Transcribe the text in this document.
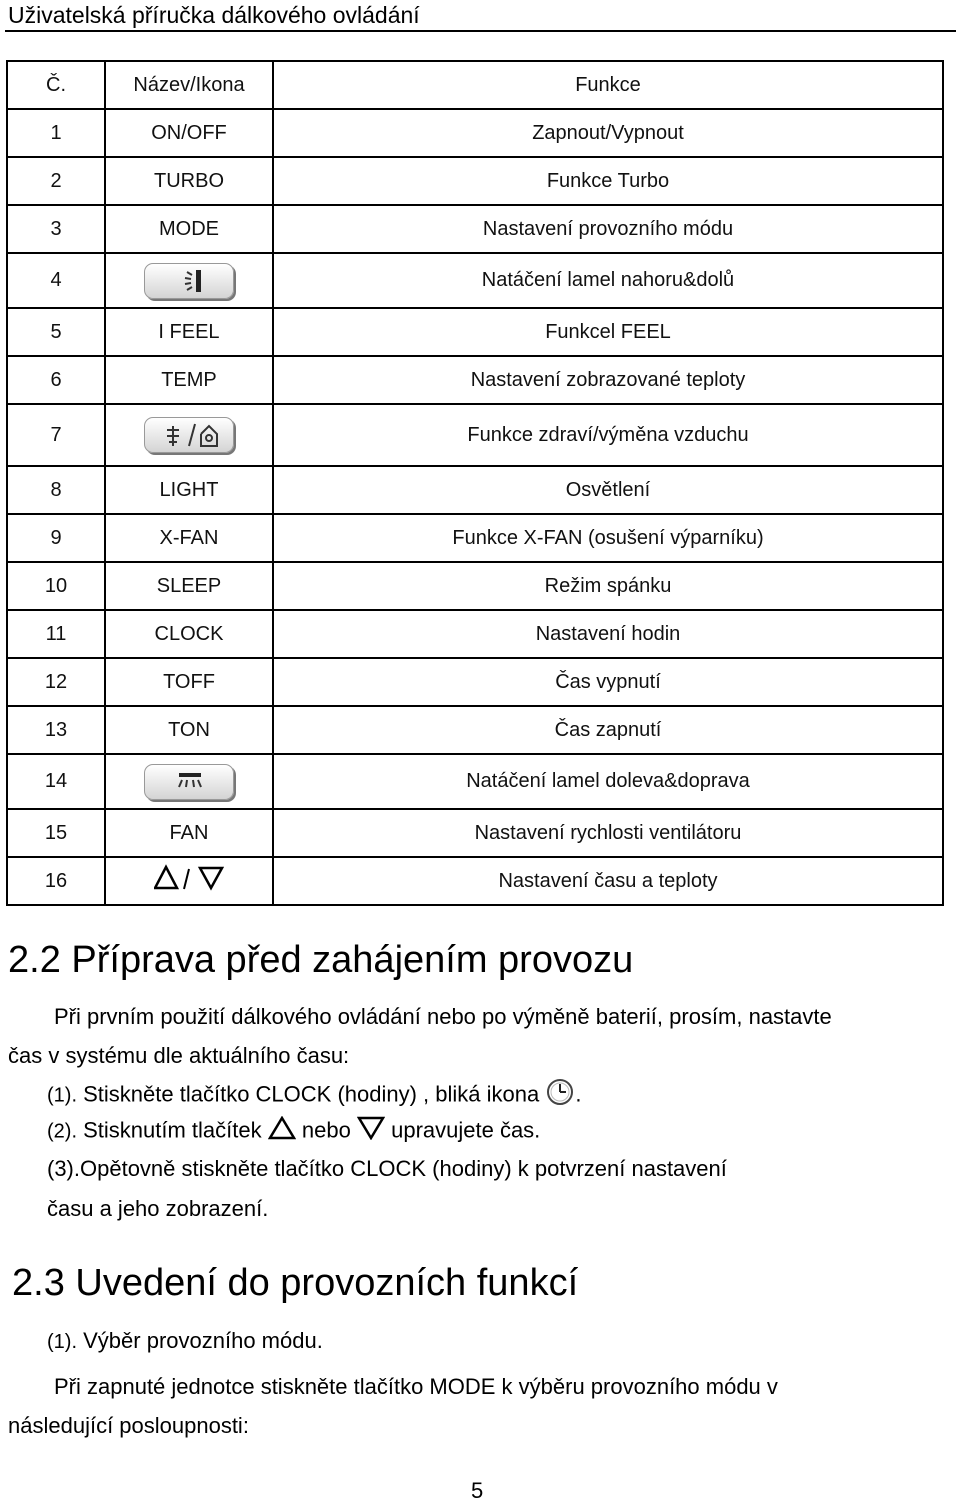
Uživatelská příručka dálkového ovládání
Č.	Název/Ikona	Funkce
1	ON/OFF	Zapnout/Vypnout
2	TURBO	Funkce Turbo
3	MODE	Nastavení provozního módu
4		Natáčení lamel nahoru&dolů
5	I FEEL	Funkcel FEEL
6	TEMP	Nastavení zobrazované teploty
7		Funkce zdraví/výměna vzduchu
8	LIGHT	Osvětlení
9	X-FAN	Funkce X-FAN (osušení výparníku)
10	SLEEP	Režim spánku
11	CLOCK	Nastavení hodin
12	TOFF	Čas vypnutí
13	TON	Čas zapnutí
14		Natáčení lamel doleva&doprava
15	FAN	Nastavení rychlosti ventilátoru
16		Nastavení času a teploty
2.2 Příprava před zahájením provozu
Při prvním použití dálkového ovládání nebo po výměně baterií, prosím, nastavte
čas v systému dle aktuálního času:
(1). Stiskněte tlačítko CLOCK (hodiny) , bliká ikona .
(2). Stisknutím tlačítek nebo upravujete čas.
(3).Opětovně stiskněte tlačítko CLOCK (hodiny) k potvrzení nastavení
času a jeho zobrazení.
2.3 Uvedení do provozních funkcí
(1). Výběr provozního módu.
Při zapnuté jednotce stiskněte tlačítko MODE k výběru provozního módu v
následující posloupnosti:
5
